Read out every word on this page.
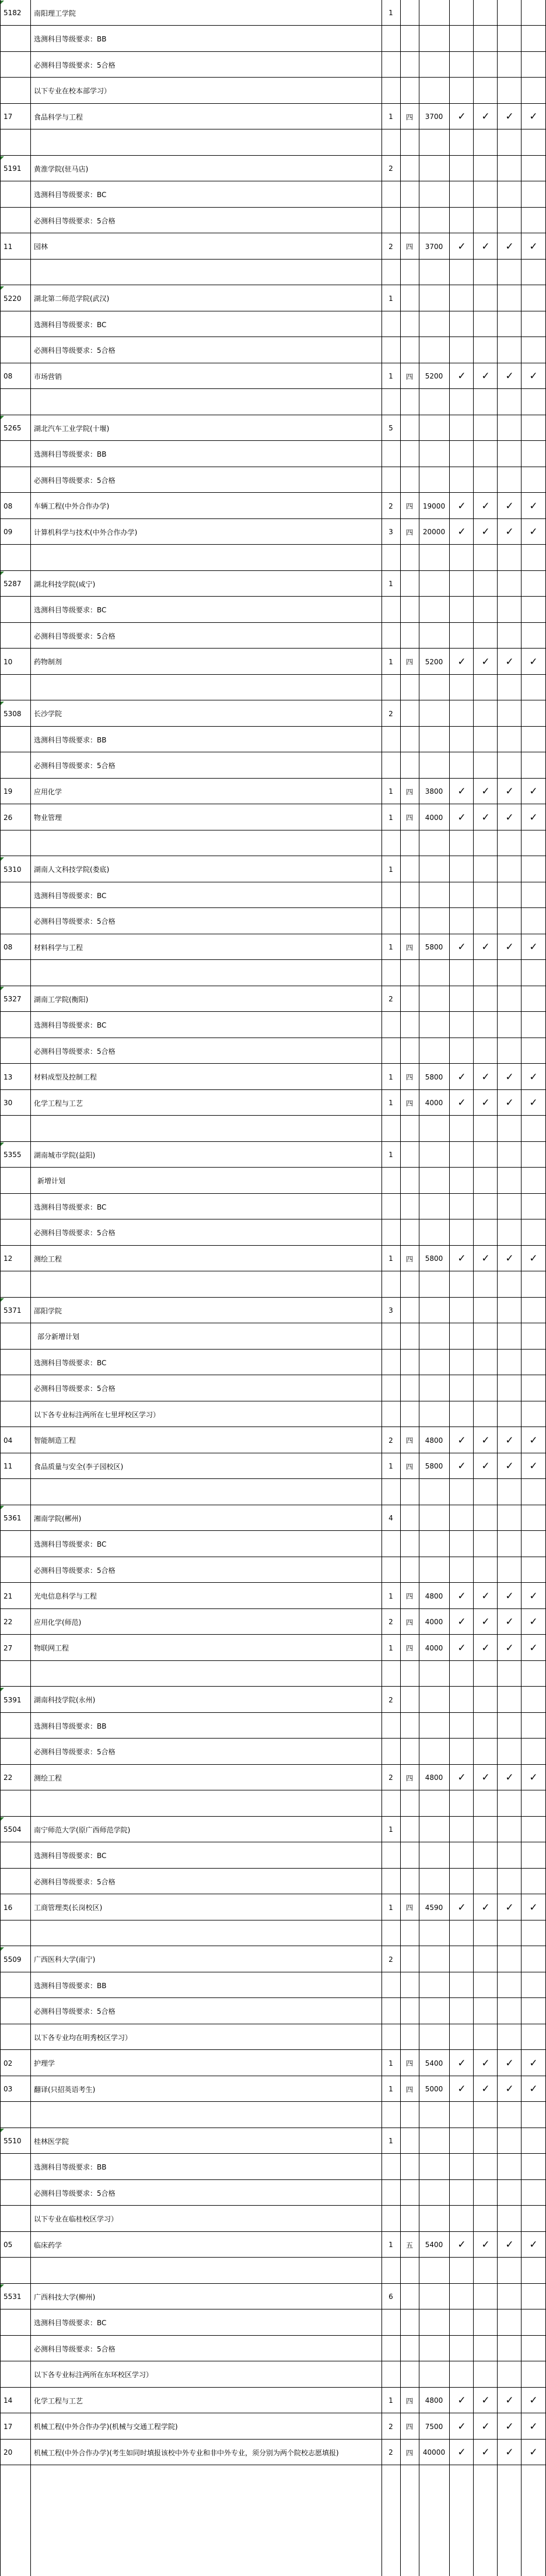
5182	南阳理工学院	1
选测科目等级要求：BB
必测科目等级要求：5合格
以下专业在校本部学习）
17	食品科学与工程	1	四	3700	✓	✓	✓	✓
5191	黄淮学院(驻马店)	2
选测科目等级要求：BC
必测科目等级要求：5合格
11	园林	2	四	3700	✓	✓	✓	✓
5220	湖北第二师范学院(武汉)	1
选测科目等级要求：BC
必测科目等级要求：5合格
08	市场营销	1	四	5200	✓	✓	✓	✓
5265	湖北汽车工业学院(十堰)	5
选测科目等级要求：BB
必测科目等级要求：5合格
08	车辆工程(中外合作办学)	2	四	19000	✓	✓	✓	✓
09	计算机科学与技术(中外合作办学)	3	四	20000	✓	✓	✓	✓
5287	湖北科技学院(咸宁)	1
选测科目等级要求：BC
必测科目等级要求：5合格
10	药物制剂	1	四	5200	✓	✓	✓	✓
5308	长沙学院	2
选测科目等级要求：BB
必测科目等级要求：5合格
19	应用化学	1	四	3800	✓	✓	✓	✓
26	物业管理	1	四	4000	✓	✓	✓	✓
5310	湖南人文科技学院(娄底)	1
选测科目等级要求：BC
必测科目等级要求：5合格
08	材料科学与工程	1	四	5800	✓	✓	✓	✓
5327	湖南工学院(衡阳)	2
选测科目等级要求：BC
必测科目等级要求：5合格
13	材料成型及控制工程	1	四	5800	✓	✓	✓	✓
30	化学工程与工艺	1	四	4000	✓	✓	✓	✓
5355	湖南城市学院(益阳)	1
新增计划
选测科目等级要求：BC
必测科目等级要求：5合格
12	测绘工程	1	四	5800	✓	✓	✓	✓
5371	邵阳学院	3
部分新增计划
选测科目等级要求：BC
必测科目等级要求：5合格
以下各专业标注两所在七里坪校区学习）
04	智能制造工程	2	四	4800	✓	✓	✓	✓
11	食品质量与安全(李子园校区)	1	四	5800	✓	✓	✓	✓
5361	湘南学院(郴州)	4
选测科目等级要求：BC
必测科目等级要求：5合格
21	光电信息科学与工程	1	四	4800	✓	✓	✓	✓
22	应用化学(师范)	2	四	4000	✓	✓	✓	✓
27	物联网工程	1	四	4000	✓	✓	✓	✓
5391	湖南科技学院(永州)	2
选测科目等级要求：BB
必测科目等级要求：5合格
22	测绘工程	2	四	4800	✓	✓	✓	✓
5504	南宁师范大学(原广西师范学院)	1
选测科目等级要求：BC
必测科目等级要求：5合格
16	工商管理类(长岗校区)	1	四	4590	✓	✓	✓	✓
5509	广西医科大学(南宁)	2
选测科目等级要求：BB
必测科目等级要求：5合格
以下各专业均在明秀校区学习）
02	护理学	1	四	5400	✓	✓	✓	✓
03	翻译(只招英语考生)	1	四	5000	✓	✓	✓	✓
5510	桂林医学院	1
选测科目等级要求：BB
必测科目等级要求：5合格
以下专业在临桂校区学习）
05	临床药学	1	五	5400	✓	✓	✓	✓
5531	广西科技大学(柳州)	6
选测科目等级要求：BC
必测科目等级要求：5合格
以下各专业标注两所在东环校区学习）
14	化学工程与工艺	1	四	4800	✓	✓	✓	✓
17	机械工程(中外合作办学)(机械与交通工程学院)	2	四	7500	✓	✓	✓	✓
20	机械工程(中外合作办学)(考生如同时填报该校中外专业和非中外专业，须分别为两个院校志愿填报)	2	四	40000	✓	✓	✓	✓
